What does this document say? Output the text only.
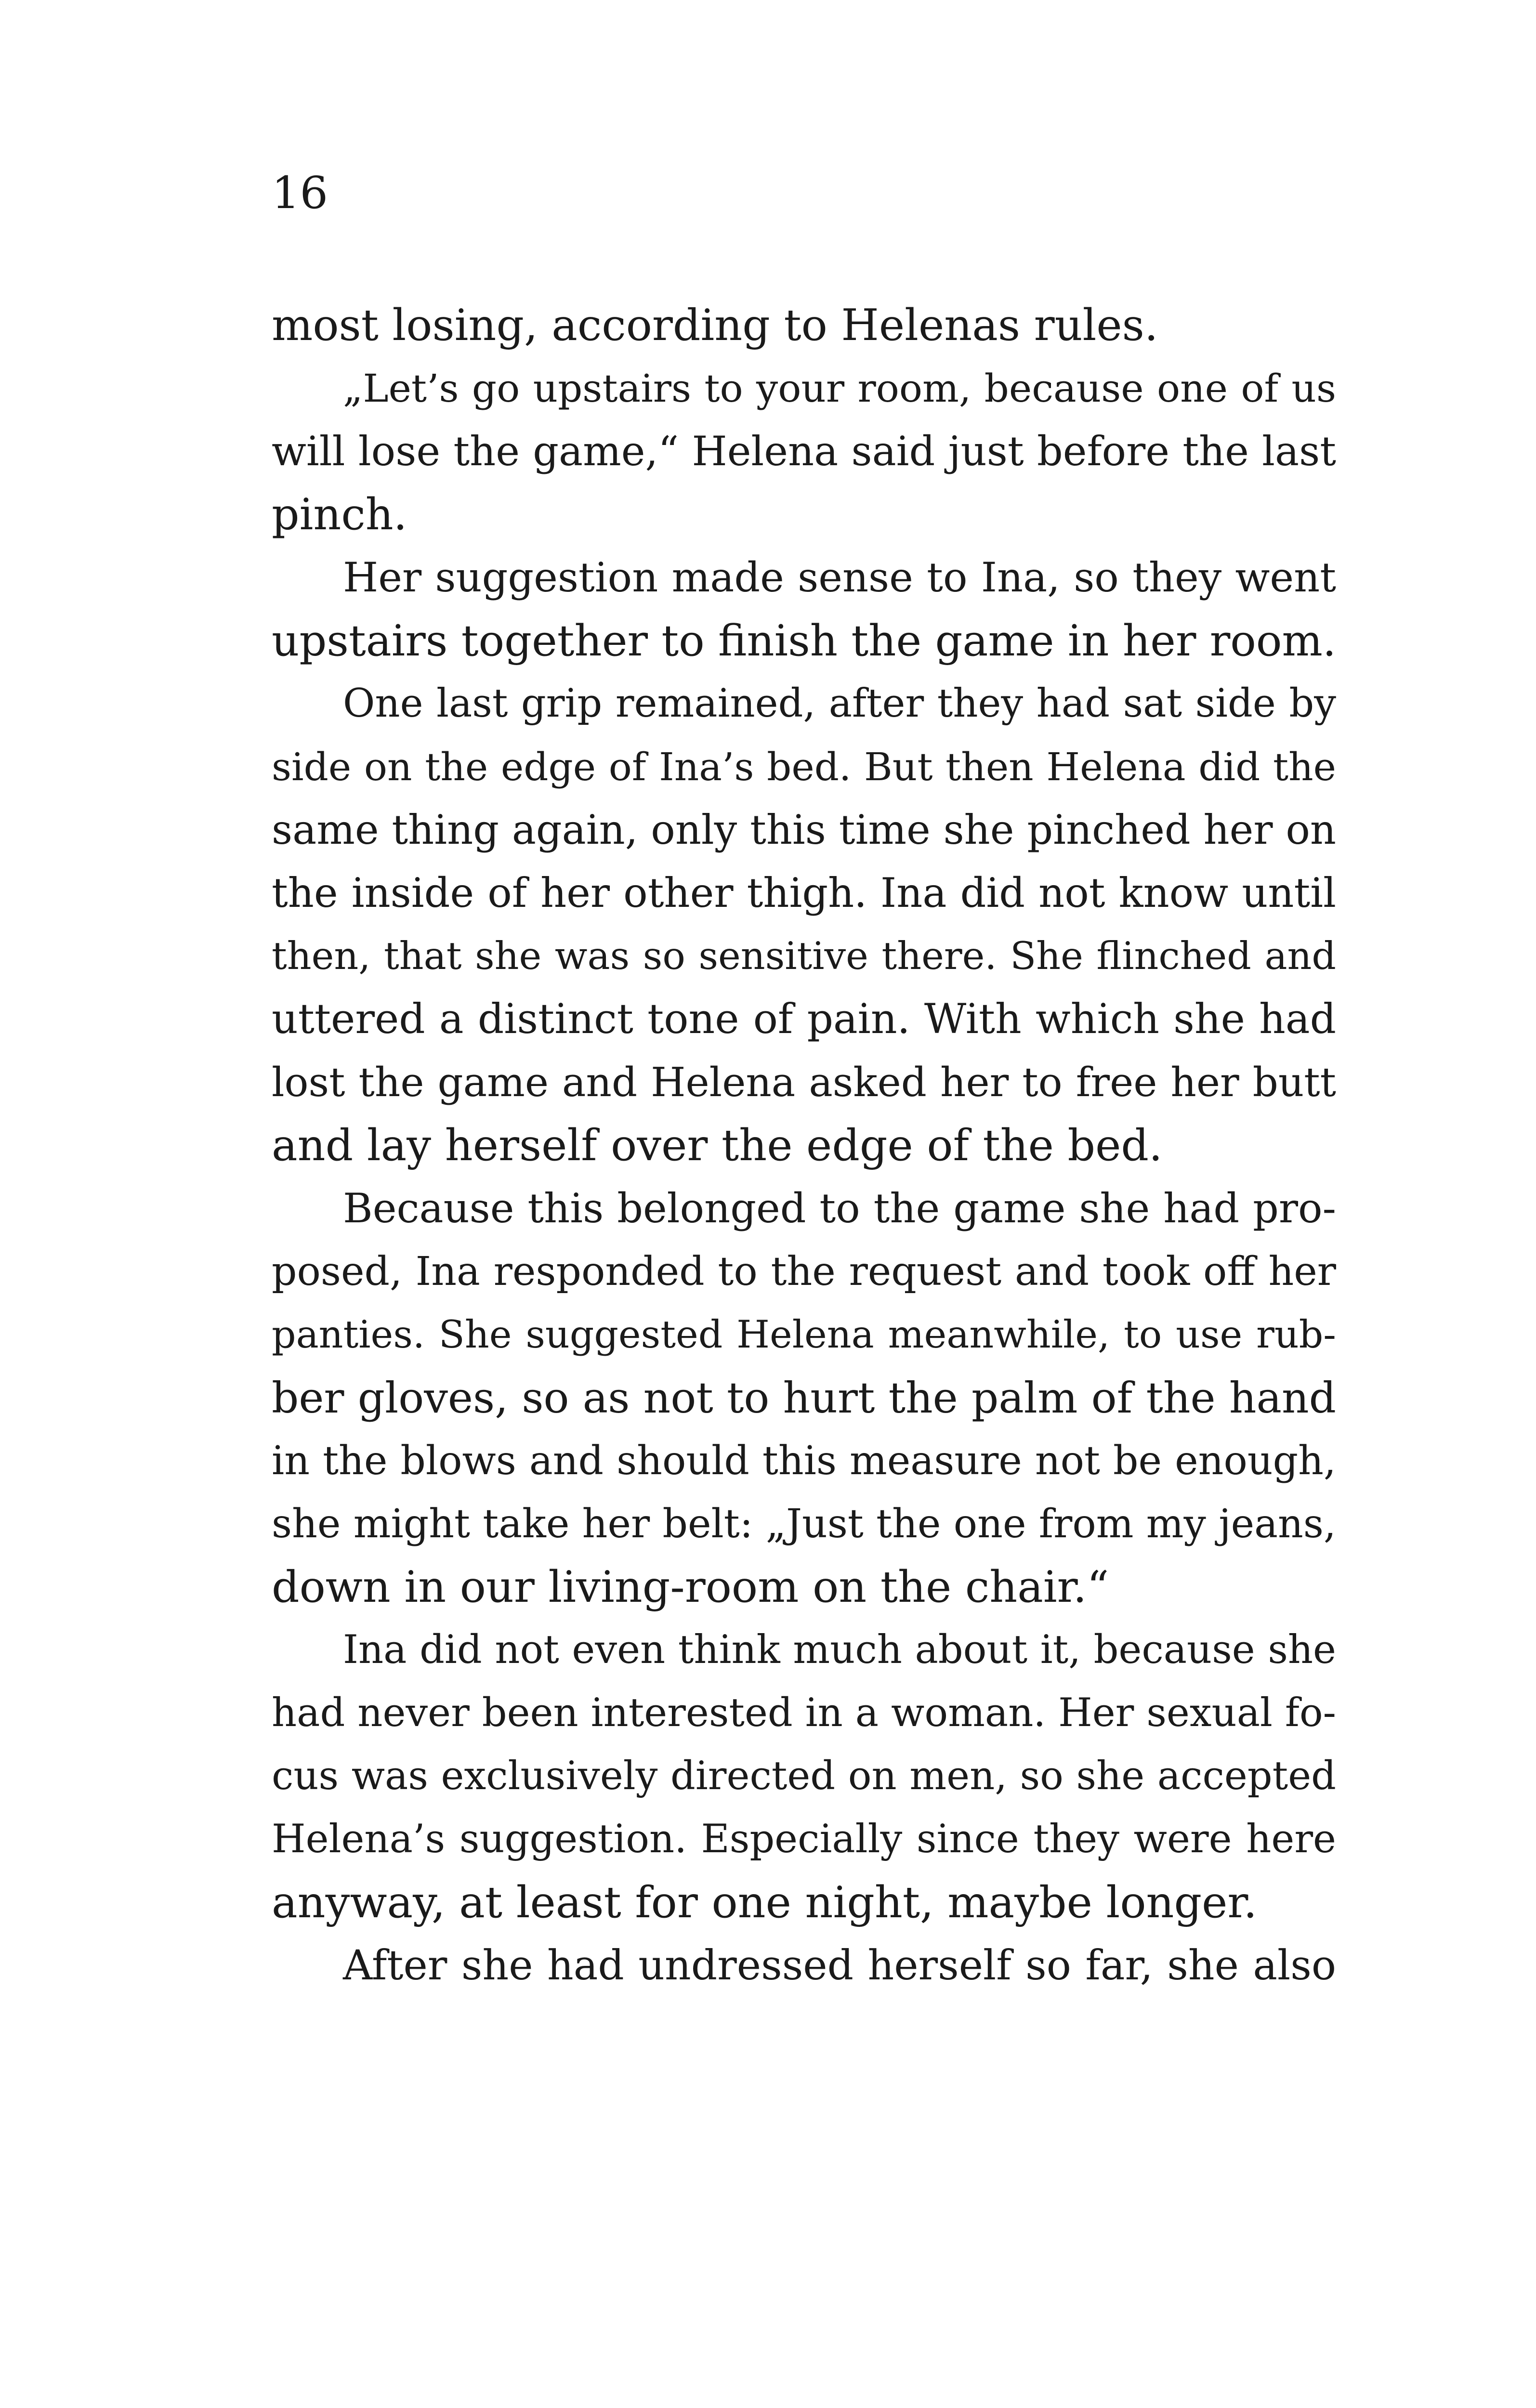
16
most losing, according to Helenas rules.
„Let’s go upstairs to your room, because one of us
will lose the game,“ Helena said just before the last
pinch.
Her suggestion made sense to Ina, so they went
upstairs together to finish the game in her room.
One last grip remained, after they had sat side by
side on the edge of Ina’s bed. But then Helena did the
same thing again, only this time she pinched her on
the inside of her other thigh. Ina did not know until
then, that she was so sensitive there. She flinched and
uttered a distinct tone of pain. With which she had
lost the game and Helena asked her to free her butt
and lay herself over the edge of the bed.
Because this belonged to the game she had pro-
posed, Ina responded to the request and took off her
panties. She suggested Helena meanwhile, to use rub-
ber gloves, so as not to hurt the palm of the hand
in the blows and should this measure not be enough,
she might take her belt: „Just the one from my jeans,
down in our living-room on the chair.“
Ina did not even think much about it, because she
had never been interested in a woman. Her sexual fo-
cus was exclusively directed on men, so she accepted
Helena’s suggestion. Especially since they were here
anyway, at least for one night, maybe longer.
After she had undressed herself so far, she also
